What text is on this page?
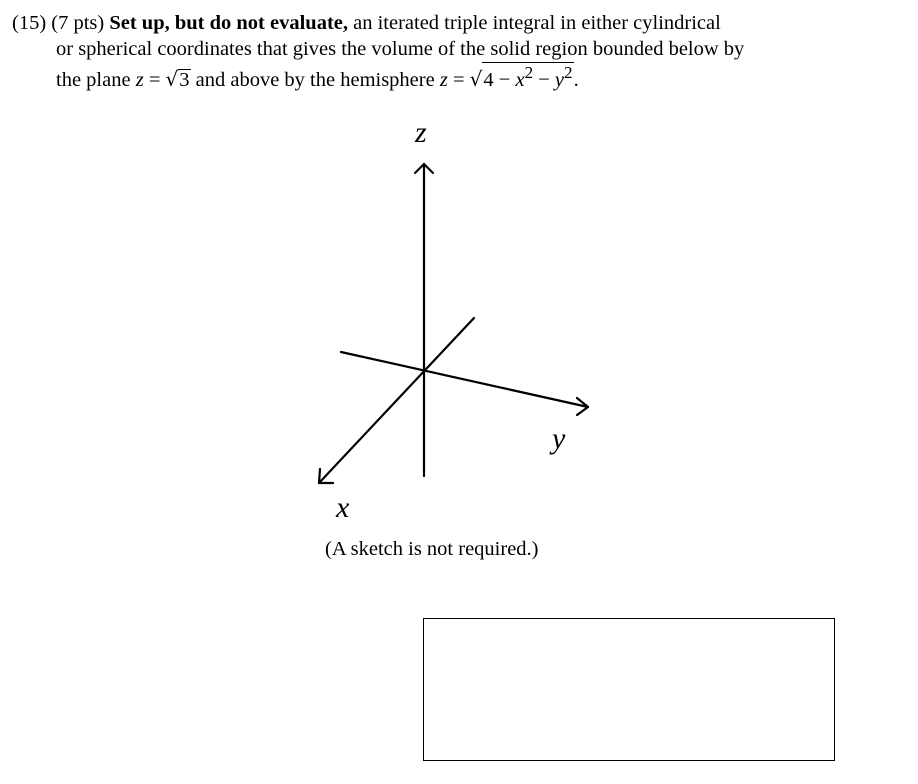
(15) (7 pts) Set up, but do not evaluate, an iterated triple integral in either cylindrical
or spherical coordinates that gives the volume of the solid region bounded below by
the plane z = √3 and above by the hemisphere $z = √4 - x^2 - y^2$.
z
y
x
(A sketch is not required.)
